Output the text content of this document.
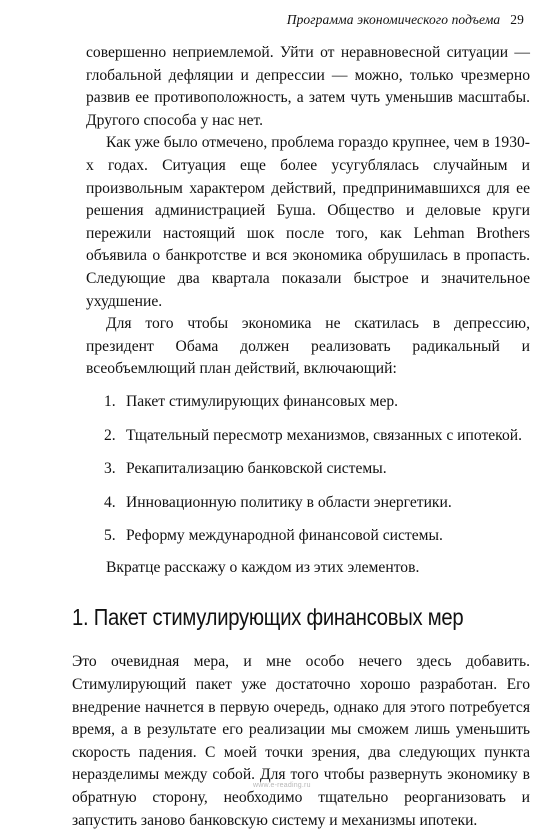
Программа экономического подъема 29

совершенно неприемлемой. Уйти от неравновесной ситуации — глобальной дефляции и депрессии — можно, только чрезмерно развив ее противоположность, а затем чуть уменьшив масштабы. Другого способа у нас нет.

Как уже было отмечено, проблема гораздо крупнее, чем в 1930-х годах. Ситуация еще более усугублялась случайным и произвольным характером действий, предпринимавшихся для ее решения администрацией Буша. Общество и деловые круги пережили настоящий шок после того, как Lehman Brothers объявила о банкротстве и вся экономика обрушилась в пропасть. Следующие два квартала показали быстрое и значительное ухудшение.

Для того чтобы экономика не скатилась в депрессию, президент Обама должен реализовать радикальный и всеобъемлющий план действий, включающий:

1. Пакет стимулирующих финансовых мер.
2. Тщательный пересмотр механизмов, связанных с ипотекой.
3. Рекапитализацию банковской системы.
4. Инновационную политику в области энергетики.
5. Реформу международной финансовой системы.

Вкратце расскажу о каждом из этих элементов.

1. Пакет стимулирующих финансовых мер

Это очевидная мера, и мне особо нечего здесь добавить. Стимулирующий пакет уже достаточно хорошо разработан. Его внедрение начнется в первую очередь, однако для этого потребуется время, а в результате его реализации мы сможем лишь уменьшить скорость падения. С моей точки зрения, два следующих пункта неразделимы между собой. Для того чтобы развернуть экономику в обратную сторону, необходимо тщательно реорганизовать и запустить заново банковскую систему и механизмы ипотеки.

www.e-reading.ru
